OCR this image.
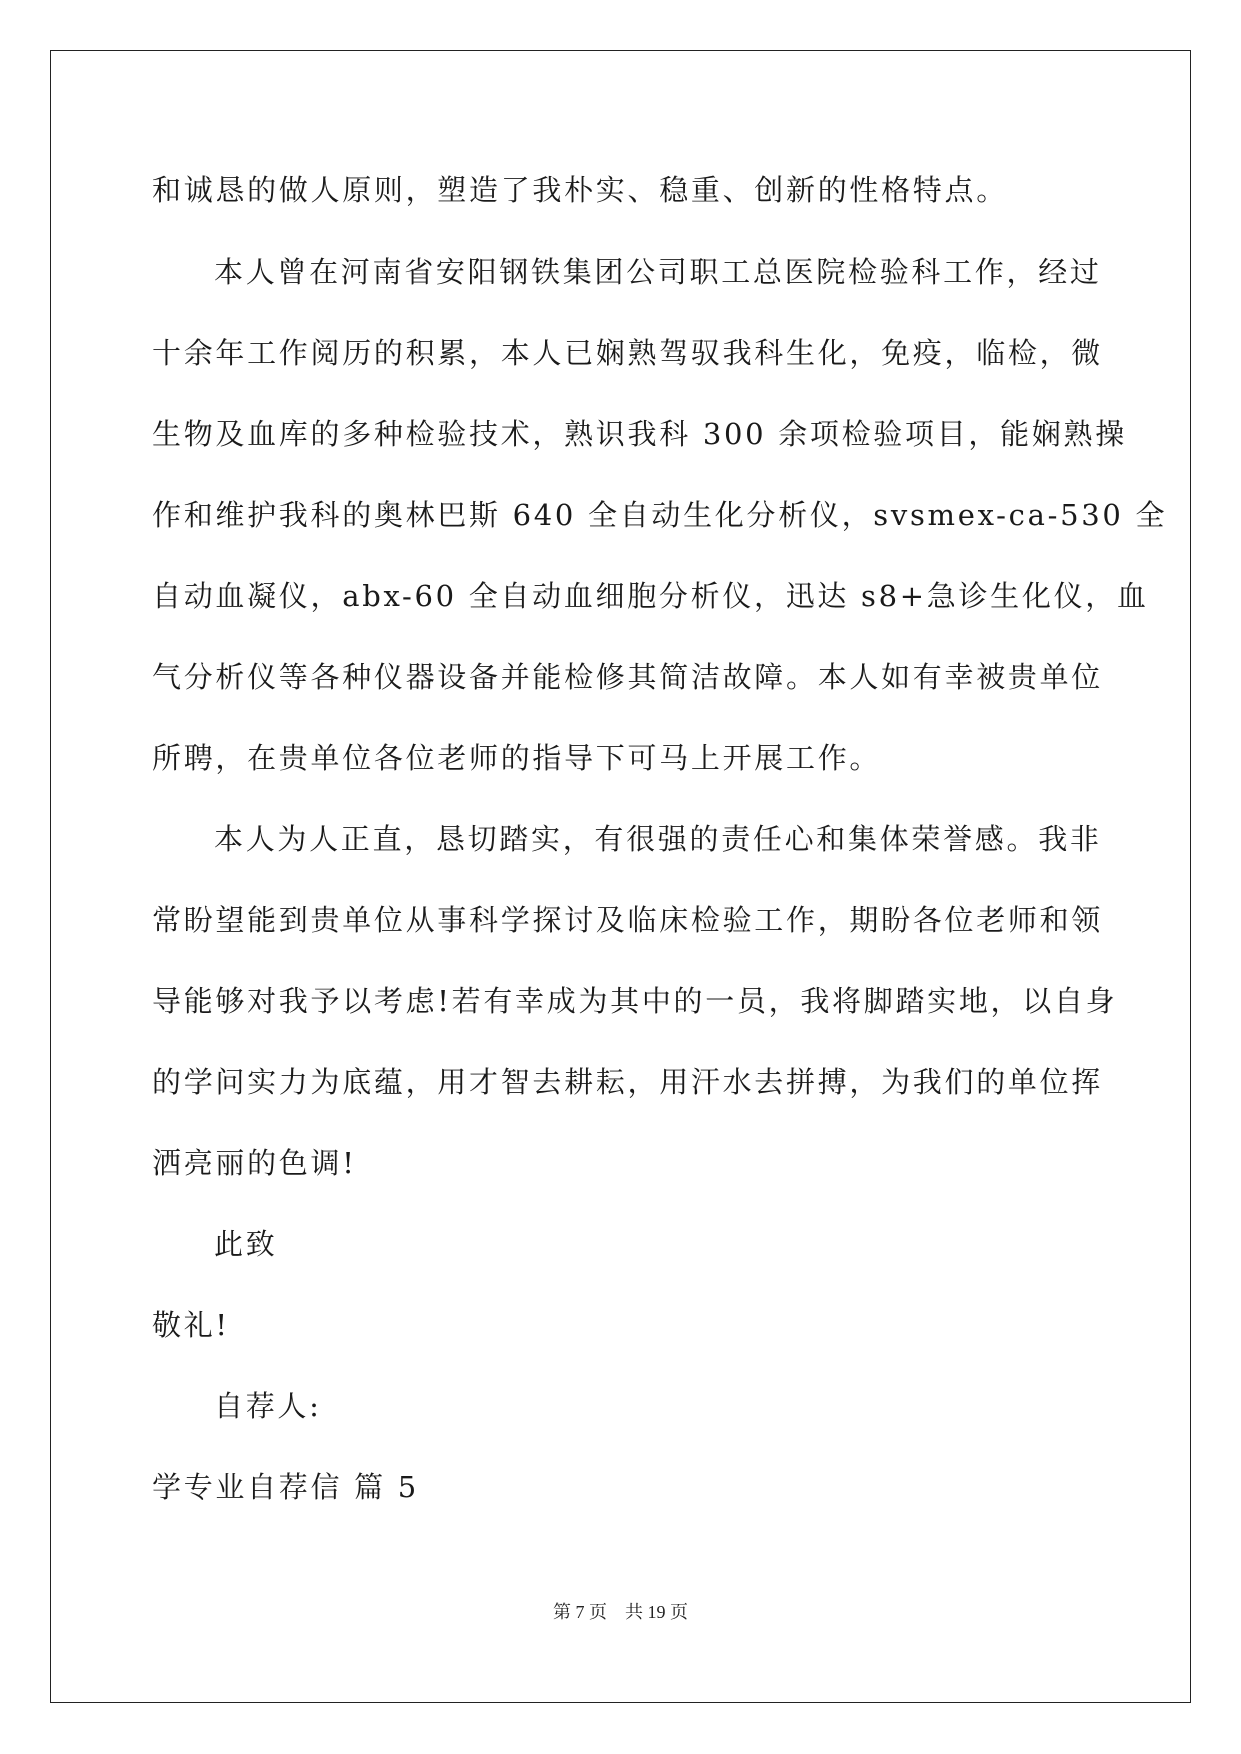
和诚恳的做人原则，塑造了我朴实、稳重、创新的性格特点。
本人曾在河南省安阳钢铁集团公司职工总医院检验科工作，经过
十余年工作阅历的积累，本人已娴熟驾驭我科生化，免疫，临检，微
生物及血库的多种检验技术，熟识我科 300 余项检验项目，能娴熟操
作和维护我科的奥林巴斯 640 全自动生化分析仪，svsmex-ca-530 全
自动血凝仪，abx-60 全自动血细胞分析仪，迅达 s8+急诊生化仪，血
气分析仪等各种仪器设备并能检修其简洁故障。本人如有幸被贵单位
所聘，在贵单位各位老师的指导下可马上开展工作。
本人为人正直，恳切踏实，有很强的责任心和集体荣誉感。我非
常盼望能到贵单位从事科学探讨及临床检验工作，期盼各位老师和领
导能够对我予以考虑!若有幸成为其中的一员，我将脚踏实地，以自身
的学问实力为底蕴，用才智去耕耘，用汗水去拼搏，为我们的单位挥
洒亮丽的色调!
此致
敬礼!
自荐人:
学专业自荐信 篇 5
第 7 页 共 19 页
